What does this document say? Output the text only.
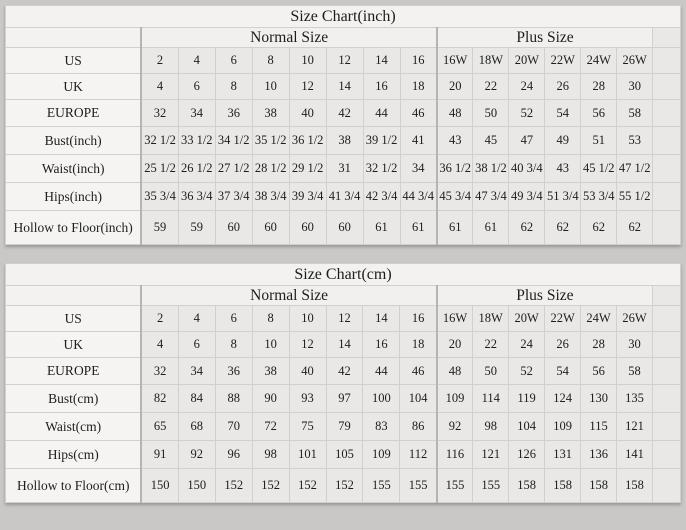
Size Chart(inch)															
	Normal Size								Plus Size						
US	2	4	6	8	10	12	14	16	16W	18W	20W	22W	24W	26W	
UK	4	6	8	10	12	14	16	18	20	22	24	26	28	30	
EUROPE	32	34	36	38	40	42	44	46	48	50	52	54	56	58	
Bust(inch)	32 1/2	33 1/2	34 1/2	35 1/2	36 1/2	38	39 1/2	41	43	45	47	49	51	53	
Waist(inch)	25 1/2	26 1/2	27 1/2	28 1/2	29 1/2	31	32 1/2	34	36 1/2	38 1/2	40 3/4	43	45 1/2	47 1/2	
Hips(inch)	35 3/4	36 3/4	37 3/4	38 3/4	39 3/4	41 3/4	42 3/4	44 3/4	45 3/4	47 3/4	49 3/4	51 3/4	53 3/4	55 1/2	
Hollow to Floor(inch)	59	59	60	60	60	60	61	61	61	61	62	62	62	62	
Size Chart(cm)															
	Normal Size								Plus Size						
US	2	4	6	8	10	12	14	16	16W	18W	20W	22W	24W	26W	
UK	4	6	8	10	12	14	16	18	20	22	24	26	28	30	
EUROPE	32	34	36	38	40	42	44	46	48	50	52	54	56	58	
Bust(cm)	82	84	88	90	93	97	100	104	109	114	119	124	130	135	
Waist(cm)	65	68	70	72	75	79	83	86	92	98	104	109	115	121	
Hips(cm)	91	92	96	98	101	105	109	112	116	121	126	131	136	141	
Hollow to Floor(cm)	150	150	152	152	152	152	155	155	155	155	158	158	158	158	
